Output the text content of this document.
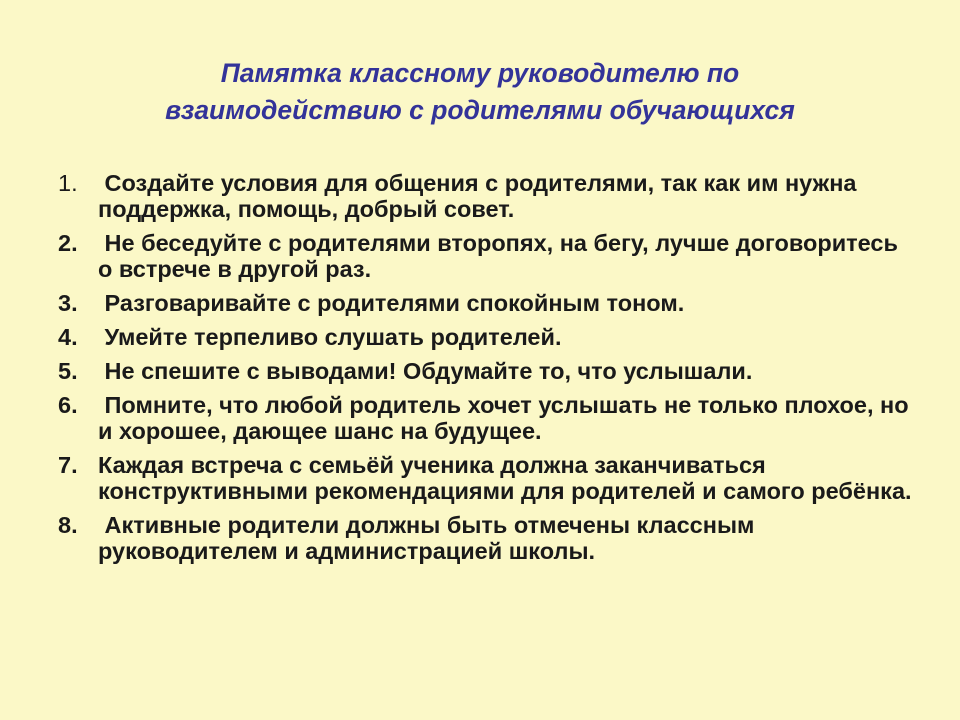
Памятка классному руководителю по
взаимодействию с родителями обучающихся
1. Создайте условия для общения с родителями, так как им нужна поддержка, помощь, добрый совет.
2. Не беседуйте с родителями второпях, на бегу, лучше договоритесь о встрече в другой раз.
3. Разговаривайте с родителями спокойным тоном.
4. Умейте терпеливо слушать родителей.
5. Не спешите с выводами! Обдумайте то, что услышали.
6. Помните, что любой родитель хочет услышать не только плохое, но и хорошее, дающее шанс на будущее.
7. Каждая встреча с семьёй ученика должна заканчиваться конструктивными рекомендациями для родителей и самого ребёнка.
8. Активные родители должны быть отмечены классным руководителем и администрацией школы.
